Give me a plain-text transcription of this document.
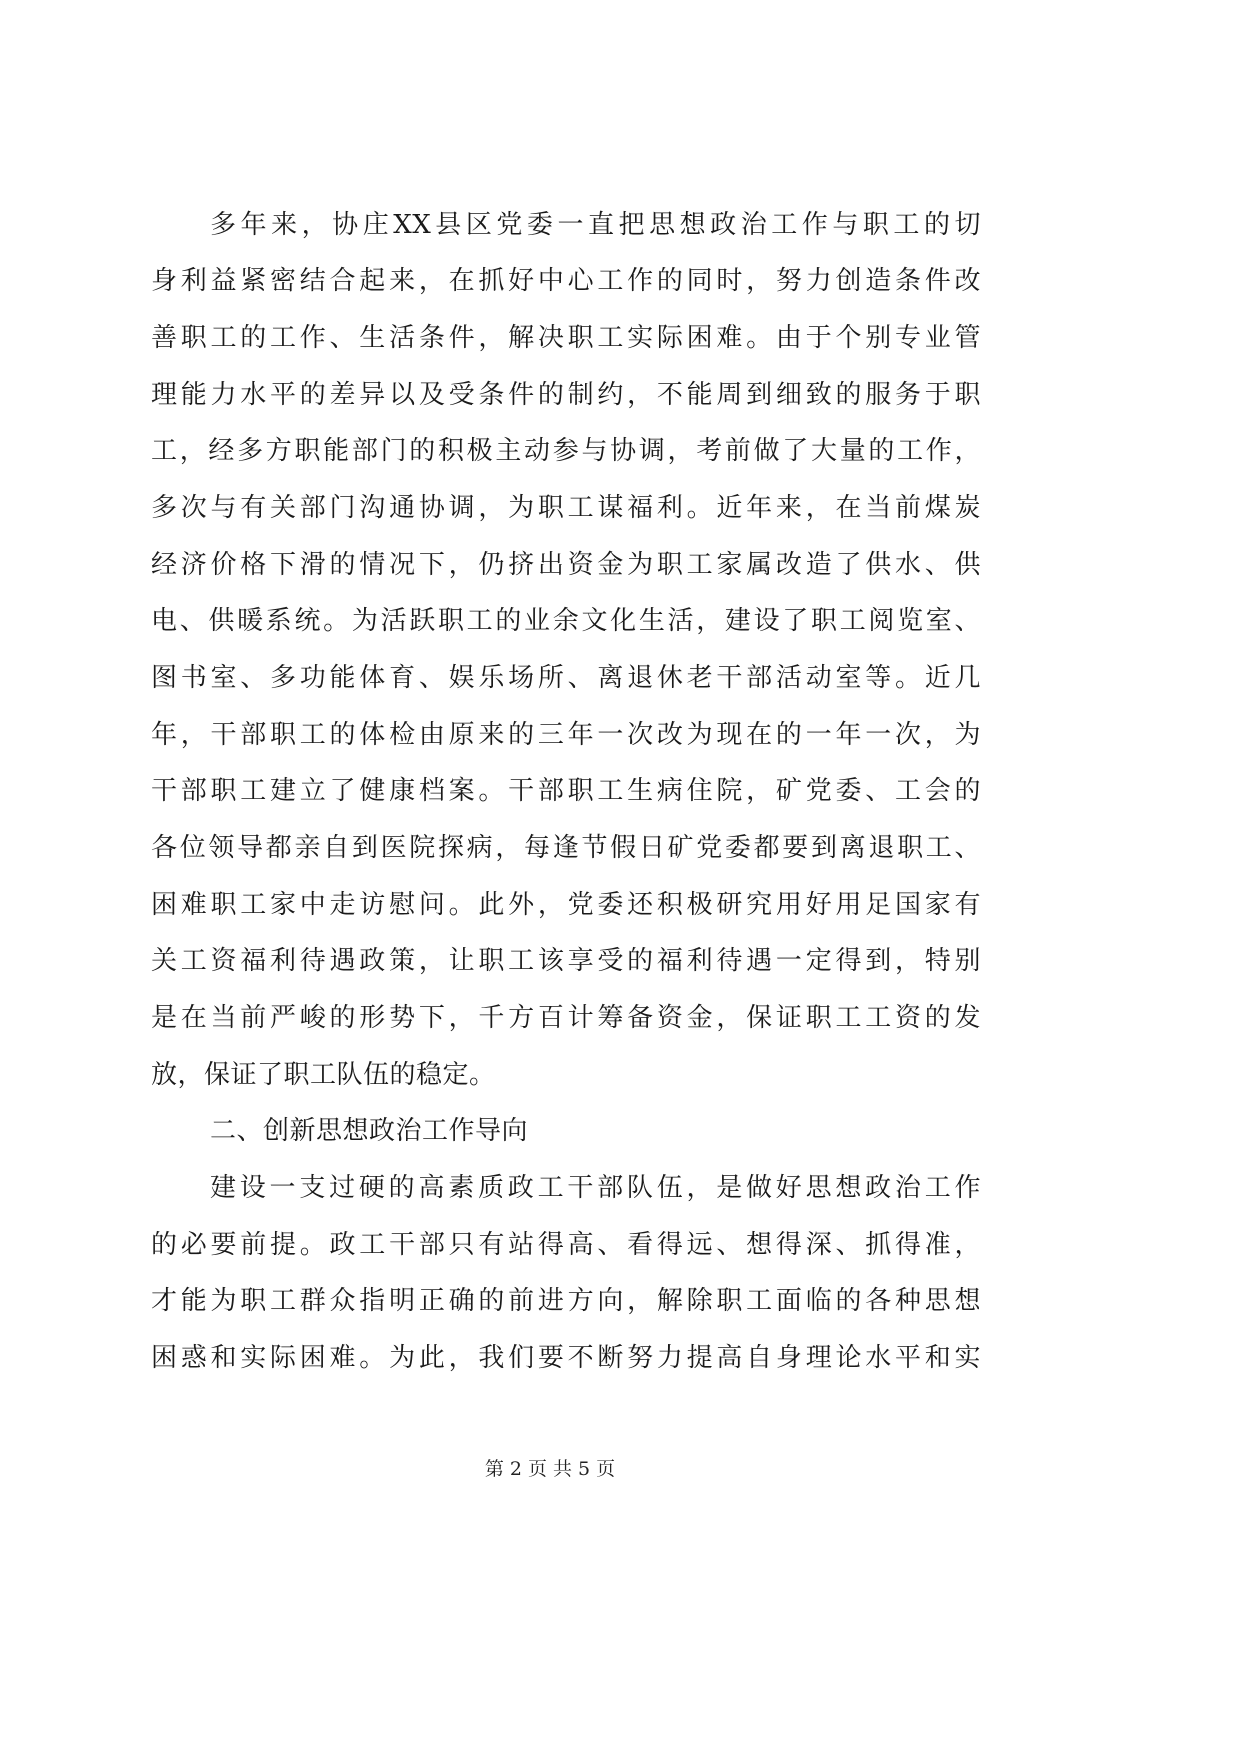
多年来，协庄XX县区党委一直把思想政治工作与职工的切
身利益紧密结合起来，在抓好中心工作的同时，努力创造条件改
善职工的工作、生活条件，解决职工实际困难。由于个别专业管
理能力水平的差异以及受条件的制约，不能周到细致的服务于职
工，经多方职能部门的积极主动参与协调，考前做了大量的工作，
多次与有关部门沟通协调，为职工谋福利。近年来，在当前煤炭
经济价格下滑的情况下，仍挤出资金为职工家属改造了供水、供
电、供暖系统。为活跃职工的业余文化生活，建设了职工阅览室、
图书室、多功能体育、娱乐场所、离退休老干部活动室等。近几
年，干部职工的体检由原来的三年一次改为现在的一年一次，为
干部职工建立了健康档案。干部职工生病住院，矿党委、工会的
各位领导都亲自到医院探病，每逢节假日矿党委都要到离退职工、
困难职工家中走访慰问。此外，党委还积极研究用好用足国家有
关工资福利待遇政策，让职工该享受的福利待遇一定得到，特别
是在当前严峻的形势下，千方百计筹备资金，保证职工工资的发
放，保证了职工队伍的稳定。
二、创新思想政治工作导向
建设一支过硬的高素质政工干部队伍，是做好思想政治工作
的必要前提。政工干部只有站得高、看得远、想得深、抓得准，
才能为职工群众指明正确的前进方向，解除职工面临的各种思想
困惑和实际困难。为此，我们要不断努力提高自身理论水平和实
第 2 页 共 5 页
